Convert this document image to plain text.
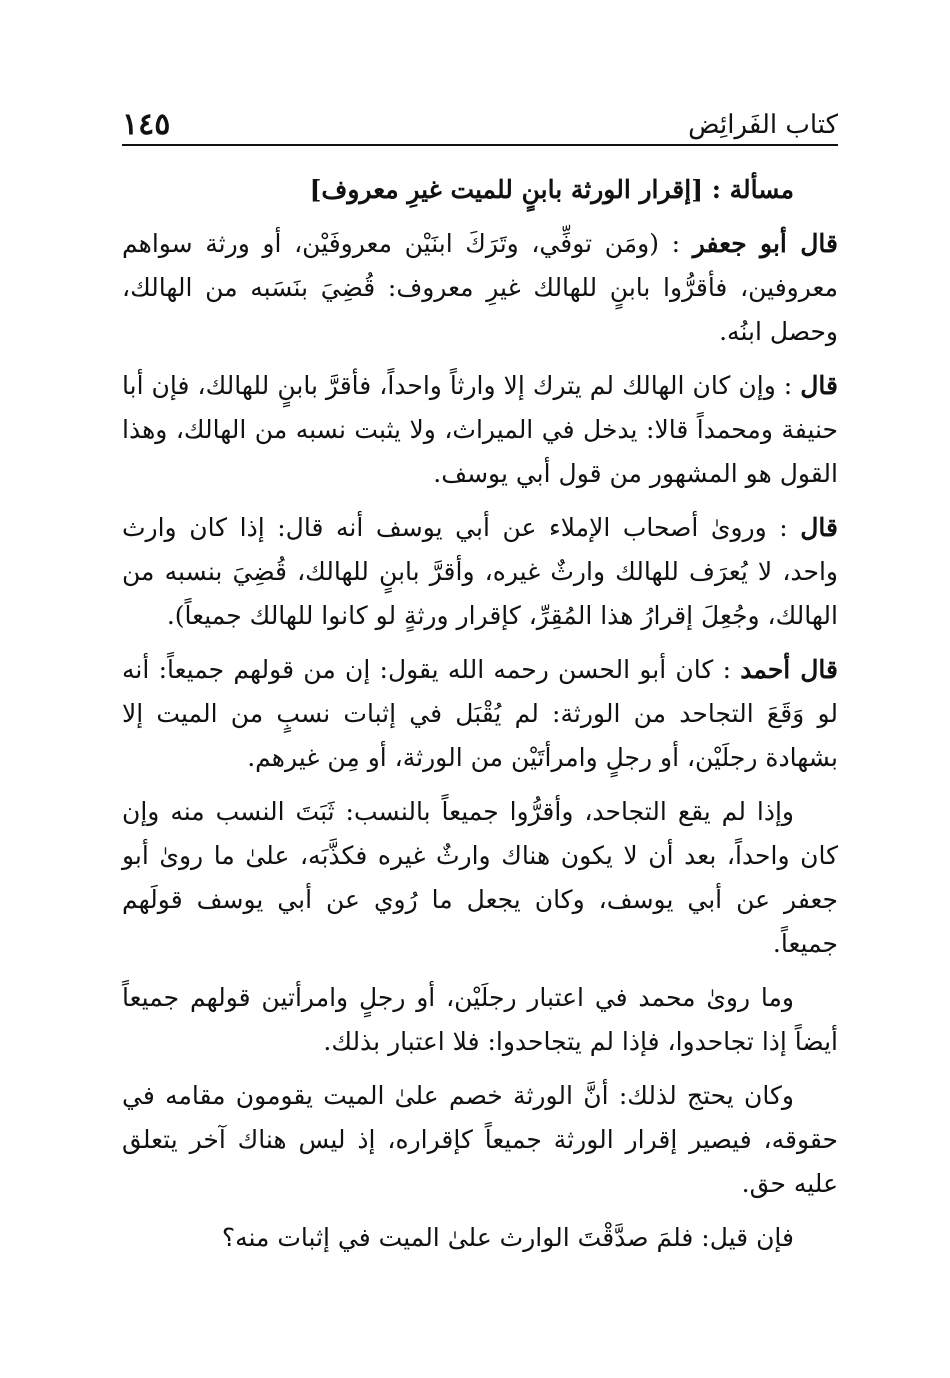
كتاب الفَرائِض
١٤٥

مسألة : [إقرار الورثة بابنٍ للميت غيرِ معروف]

قال أبو جعفر : (ومَن توفِّي، وتَرَكَ ابنَيْن معروفَيْن، أو ورثة سواهم معروفين، فأقرُّوا بابنٍ للهالك غيرِ معروف: قُضِيَ بنَسَبه من الهالك، وحصل ابنُه.

قال : وإن كان الهالك لم يترك إلا وارثاً واحداً، فأقرَّ بابنٍ للهالك، فإن أبا حنيفة ومحمداً قالا: يدخل في الميراث، ولا يثبت نسبه من الهالك، وهذا القول هو المشهور من قول أبي يوسف.

قال : وروىٰ أصحاب الإملاء عن أبي يوسف أنه قال: إذا كان وارث واحد، لا يُعرَف للهالك وارثٌ غيره، وأقرَّ بابنٍ للهالك، قُضِيَ بنسبه من الهالك، وجُعِلَ إقرارُ هذا المُقِرِّ، كإقرار ورثةٍ لو كانوا للهالك جميعاً).

قال أحمد : كان أبو الحسن رحمه الله يقول: إن من قولهم جميعاً: أنه لو وَقَعَ التجاحد من الورثة: لم يُقْبَل في إثبات نسبٍ من الميت إلا بشهادة رجلَيْن، أو رجلٍ وامرأتَيْن من الورثة، أو مِن غيرهم.

وإذا لم يقع التجاحد، وأقرُّوا جميعاً بالنسب: ثَبَتَ النسب منه وإن كان واحداً، بعد أن لا يكون هناك وارثٌ غيره فكذَّبَه، علىٰ ما روىٰ أبو جعفر عن أبي يوسف، وكان يجعل ما رُوي عن أبي يوسف قولَهم جميعاً.

وما روىٰ محمد في اعتبار رجلَيْن، أو رجلٍ وامرأتين قولهم جميعاً أيضاً إذا تجاحدوا، فإذا لم يتجاحدوا: فلا اعتبار بذلك.

وكان يحتج لذلك: أنَّ الورثة خصم علىٰ الميت يقومون مقامه في حقوقه، فيصير إقرار الورثة جميعاً كإقراره، إذ ليس هناك آخر يتعلق عليه حق.

فإن قيل: فلمَ صدَّقْتَ الوارث علىٰ الميت في إثبات منه؟
